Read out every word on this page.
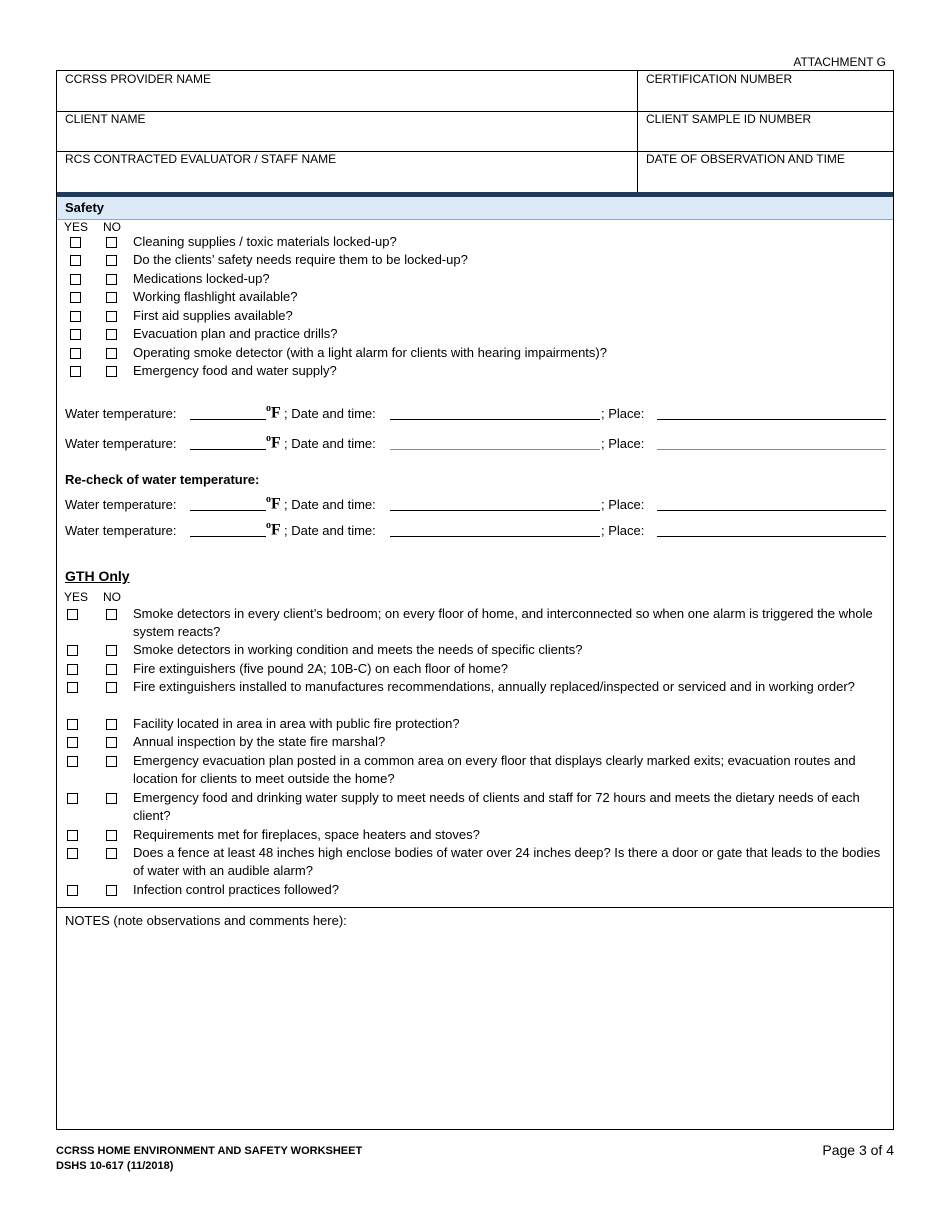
ATTACHMENT G
CCRSS PROVIDER NAME	CERTIFICATION NUMBER
CLIENT NAME	CLIENT SAMPLE ID NUMBER
RCS CONTRACTED EVALUATOR / STAFF NAME	DATE OF OBSERVATION AND TIME
Safety
YES NO
Cleaning supplies / toxic materials locked-up?
Do the clients’ safety needs require them to be locked-up?
Medications locked-up?
Working flashlight available?
First aid supplies available?
Evacuation plan and practice drills?
Operating smoke detector (with a light alarm for clients with hearing impairments)?
Emergency food and water supply?
Water temperature:	$^o$F ; Date and time:	; Place:
Water temperature:	$^o$F ; Date and time:	; Place:
Re-check of water temperature:
Water temperature:	$^o$F ; Date and time:	; Place:
Water temperature:	$^o$F ; Date and time:	; Place:
GTH Only
YES NO
Smoke detectors in every client’s bedroom; on every floor of home, and interconnected so when one alarm is triggered the whole system reacts?
Smoke detectors in working condition and meets the needs of specific clients?
Fire extinguishers (five pound 2A; 10B-C) on each floor of home?
Fire extinguishers installed to manufactures recommendations, annually replaced/inspected or serviced and in working order?
Facility located in area in area with public fire protection?
Annual inspection by the state fire marshal?
Emergency evacuation plan posted in a common area on every floor that displays clearly marked exits; evacuation routes and location for clients to meet outside the home?
Emergency food and drinking water supply to meet needs of clients and staff for 72 hours and meets the dietary needs of each client?
Requirements met for fireplaces, space heaters and stoves?
Does a fence at least 48 inches high enclose bodies of water over 24 inches deep? Is there a door or gate that leads to the bodies of water with an audible alarm?
Infection control practices followed?
NOTES (note observations and comments here):
CCRSS HOME ENVIRONMENT AND SAFETY WORKSHEET
DSHS 10-617 (11/2018)
Page 3 of 4
